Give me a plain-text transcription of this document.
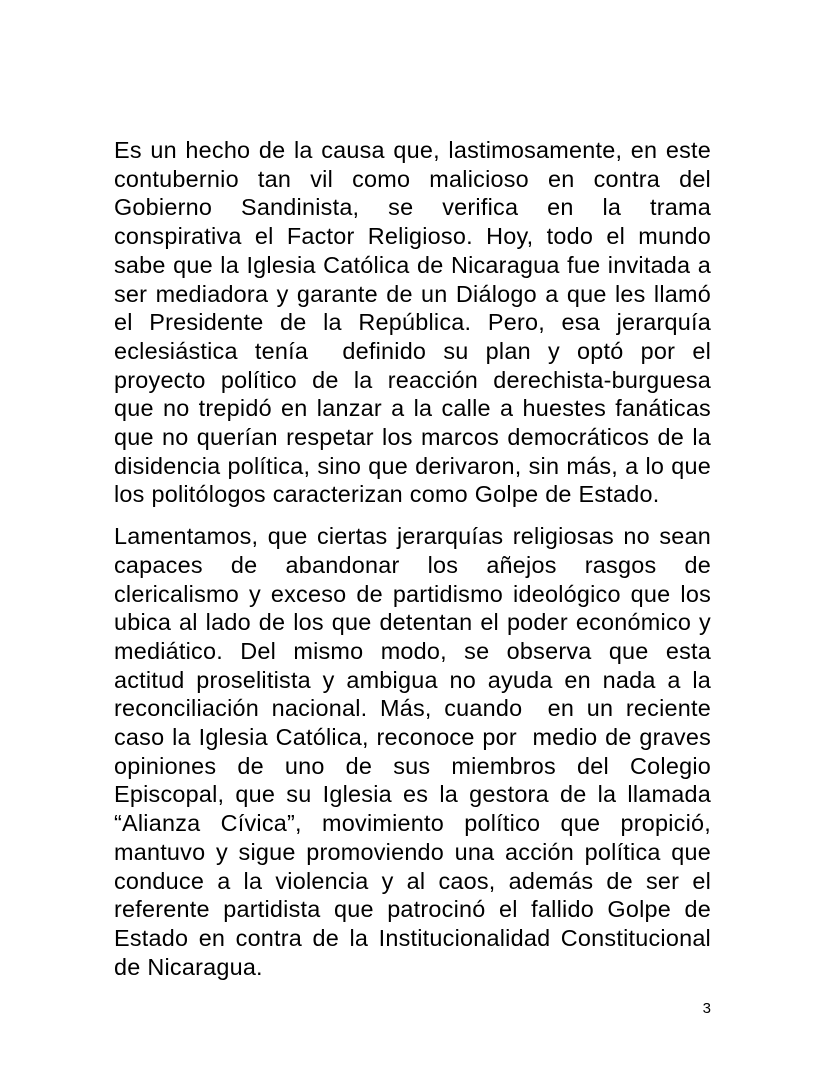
Es un hecho de la causa que, lastimosamente, en este contubernio tan vil como malicioso en contra del Gobierno Sandinista, se verifica en la trama conspirativa el Factor Religioso. Hoy, todo el mundo sabe que la Iglesia Católica de Nicaragua fue invitada a ser mediadora y garante de un Diálogo a que les llamó el Presidente de la República. Pero, esa jerarquía eclesiástica tenía  definido su plan y optó por el proyecto político de la reacción derechista-burguesa  que no trepidó en lanzar a la calle a huestes fanáticas que no querían respetar los marcos democráticos de la disidencia política, sino que derivaron, sin más, a lo que los politólogos caracterizan como Golpe de Estado.

Lamentamos, que ciertas jerarquías religiosas no sean capaces de abandonar los añejos rasgos de clericalismo y exceso de partidismo ideológico que los ubica al lado de los que detentan el poder económico y mediático. Del mismo modo, se observa que esta actitud proselitista y ambigua no ayuda en nada a la reconciliación nacional. Más, cuando  en un reciente caso la Iglesia Católica, reconoce por  medio de graves opiniones de uno de sus miembros del Colegio Episcopal, que su Iglesia es la gestora de la llamada “Alianza Cívica”, movimiento político que propició, mantuvo y sigue promoviendo una acción política que conduce a la violencia y al caos, además de ser el referente partidista que patrocinó el fallido Golpe de Estado en contra de la Institucionalidad Constitucional de Nicaragua.

3
